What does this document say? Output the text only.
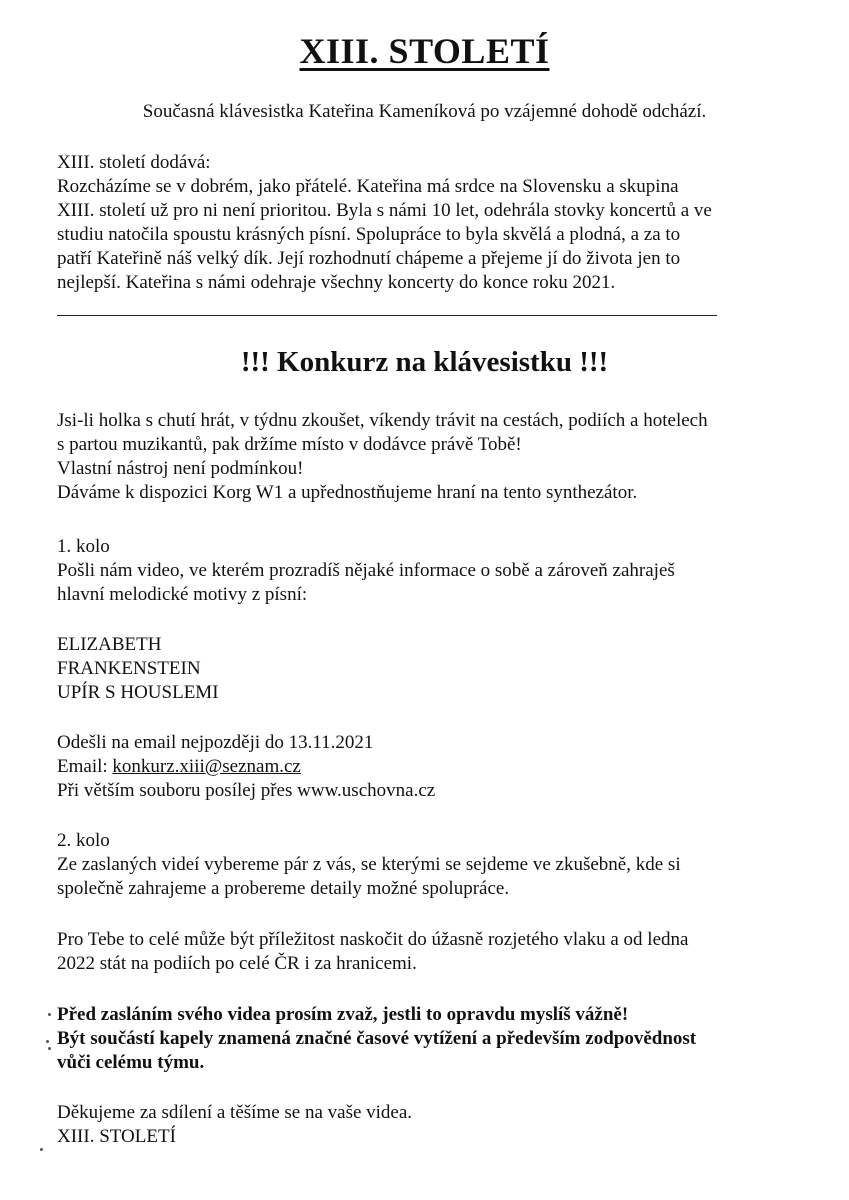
XIII. STOLETÍ
Současná klávesistka Kateřina Kameníková po vzájemné dohodě odchází.
XIII. století dodává:
Rozcházíme se v dobrém, jako přátelé. Kateřina má srdce na Slovensku a skupina
XIII. století už pro ni není prioritou. Byla s námi 10 let, odehrála stovky koncertů a ve
studiu natočila spoustu krásných písní. Spolupráce to byla skvělá a plodná, a za to
patří Kateřině náš velký dík. Její rozhodnutí chápeme a přejeme jí do života jen to
nejlepší. Kateřina s námi odehraje všechny koncerty do konce roku 2021.
!!! Konkurz na klávesistku !!!
Jsi-li holka s chutí hrát, v týdnu zkoušet, víkendy trávit na cestách, podiích a hotelech
s partou muzikantů, pak držíme místo v dodávce právě Tobě!
Vlastní nástroj není podmínkou!
Dáváme k dispozici Korg W1 a upřednostňujeme hraní na tento synthezátor.
1. kolo
Pošli nám video, ve kterém prozradíš nějaké informace o sobě a zároveň zahraješ
hlavní melodické motivy z písní:
ELIZABETH
FRANKENSTEIN
UPÍR S HOUSLEMI
Odešli na email nejpozději do 13.11.2021
Email: konkurz.xiii@seznam.cz
Při větším souboru posílej přes www.uschovna.cz
2. kolo
Ze zaslaných videí vybereme pár z vás, se kterými se sejdeme ve zkušebně, kde si
společně zahrajeme a probereme detaily možné spolupráce.
Pro Tebe to celé může být příležitost naskočit do úžasně rozjetého vlaku a od ledna
2022 stát na podiích po celé ČR i za hranicemi.
Před zasláním svého videa prosím zvaž, jestli to opravdu myslíš vážně!
Být součástí kapely znamená značné časové vytížení a především zodpovědnost
vůči celému týmu.
Děkujeme za sdílení a těšíme se na vaše videa.
XIII. STOLETÍ
